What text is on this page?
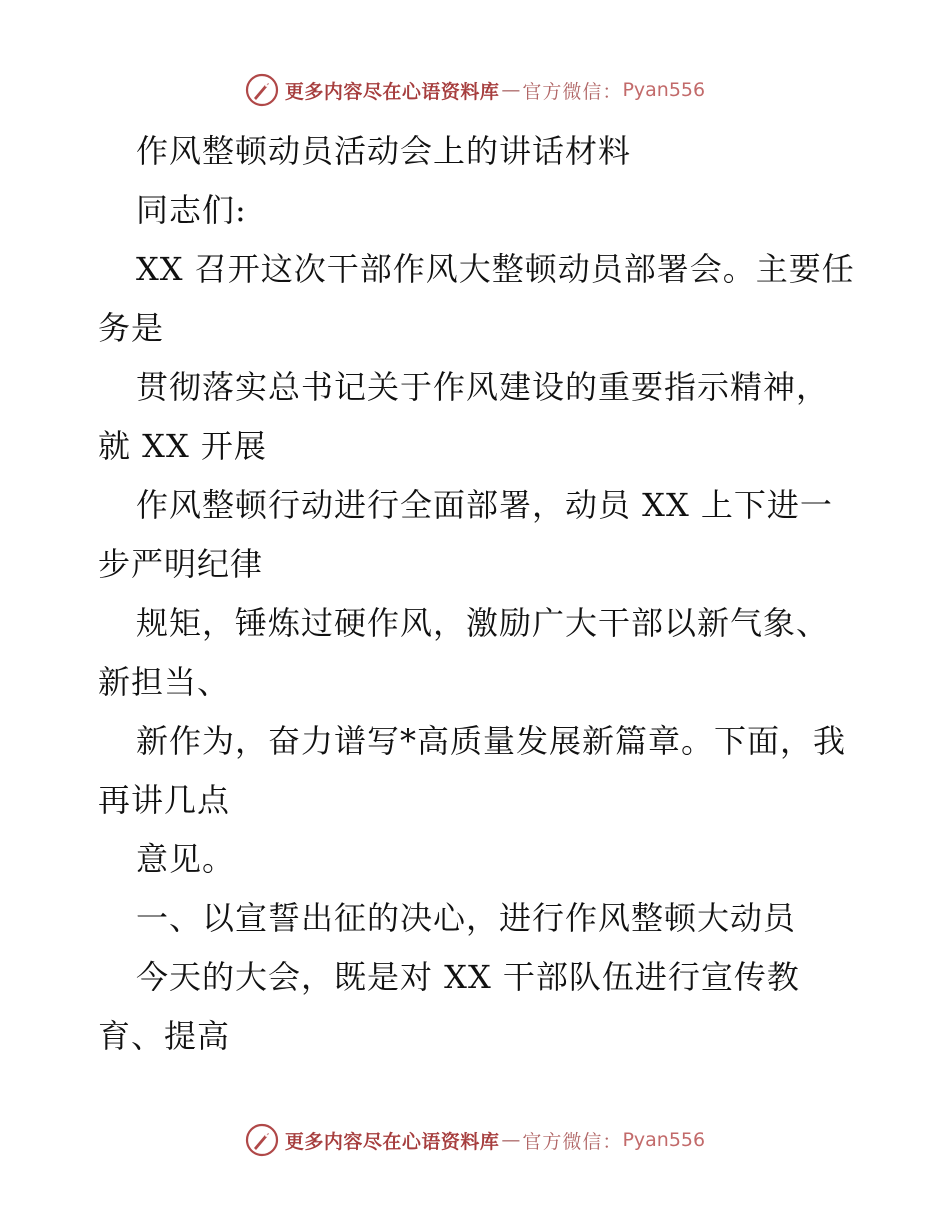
更多内容尽在心语资料库 — 官方微信： Pyan556

作风整顿动员活动会上的讲话材料

同志们:

XX 召开这次干部作风大整顿动员部署会。主要任务是

贯彻落实总书记关于作风建设的重要指示精神，就 XX 开展

作风整顿行动进行全面部署，动员 XX 上下进一步严明纪律

规矩，锤炼过硬作风，激励广大干部以新气象、新担当、

新作为，奋力谱写*高质量发展新篇章。下面，我再讲几点

意见。

一、以宣誓出征的决心，进行作风整顿大动员

今天的大会，既是对 XX 干部队伍进行宣传教育、提高

更多内容尽在心语资料库 — 官方微信： Pyan556
